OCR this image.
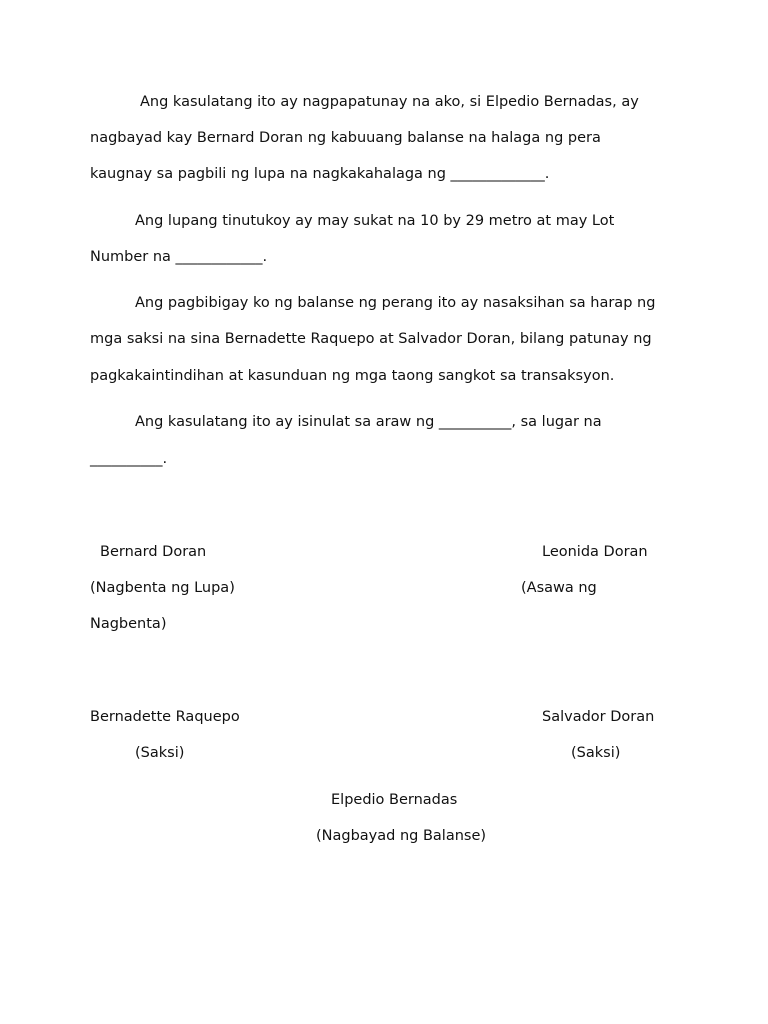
Ang kasulatang ito ay nagpapatunay na ako, si Elpedio Bernadas, ay
nagbayad kay Bernard Doran ng kabuuang balanse na halaga ng pera
kaugnay sa pagbili ng lupa na nagkakahalaga ng _____________.
Ang lupang tinutukoy ay may sukat na 10 by 29 metro at may Lot
Number na ____________.
Ang pagbibigay ko ng balanse ng perang ito ay nasaksihan sa harap ng
mga saksi na sina Bernadette Raquepo at Salvador Doran, bilang patunay ng
pagkakaintindihan at kasunduan ng mga taong sangkot sa transaksyon.
Ang kasulatang ito ay isinulat sa araw ng __________, sa lugar na
__________.
Bernard Doran	Leonida Doran
(Nagbenta ng Lupa)	(Asawa ng
Nagbenta)
Bernadette Raquepo	Salvador Doran
(Saksi)	(Saksi)
Elpedio Bernadas
(Nagbayad ng Balanse)
